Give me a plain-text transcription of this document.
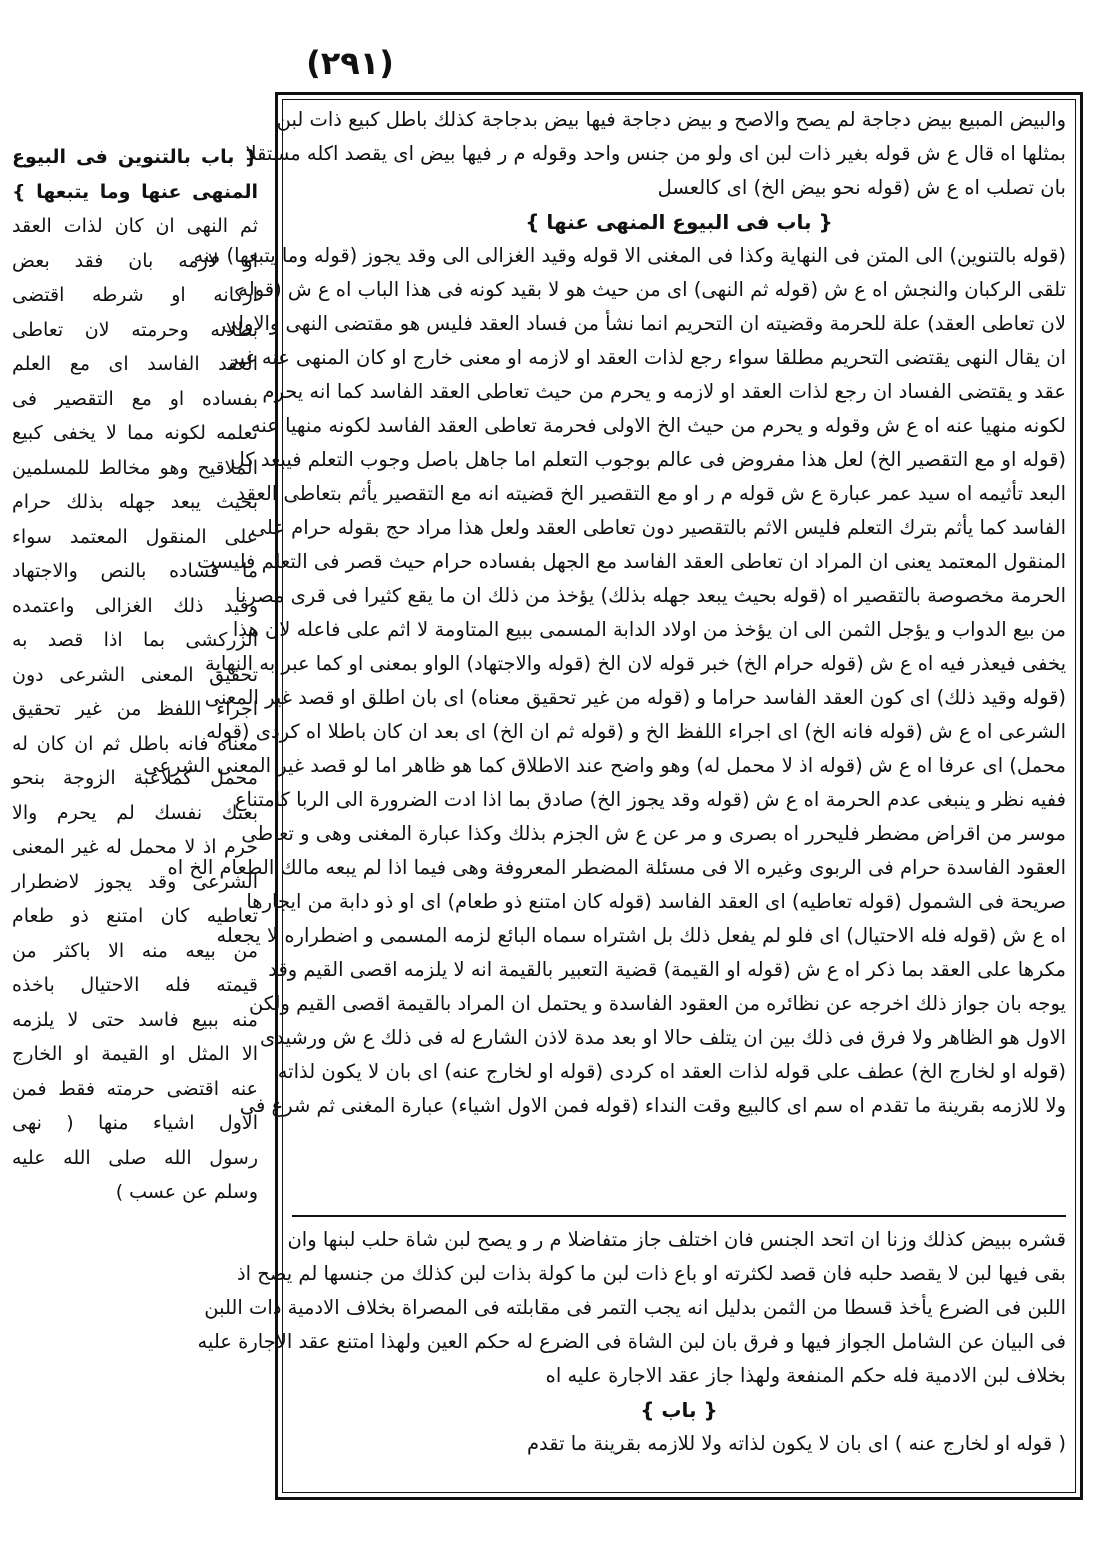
(٢٩١)
{ باب بالتنوين فى البيوع
المنهى عنها وما يتبعها }
ثم النهى ان كان لذات العقد
او لازمه بان فقد بعض
اركانه او شرطه اقتضى
بطلانه وحرمته لان تعاطى
العقد الفاسد اى مع العلم
بفساده او مع التقصير فى
تعلمه لكونه مما لا يخفى كبيع
الملاقيح وهو مخالط للمسلمين
بحيث يبعد جهله بذلك حرام
على المنقول المعتمد سواء
ما فساده بالنص والاجتهاد
وقيد ذلك الغزالى واعتمده
الزركشى بما اذا قصد به
تحقيق المعنى الشرعى دون
اجراء اللفظ من غير تحقيق
معناه فانه باطل ثم ان كان له
محمل كملاعبة الزوجة بنحو
بعتك نفسك لم يحرم والا
حرم اذ لا محمل له غير المعنى
الشرعى وقد يجوز لاضطرار
تعاطيه كان امتنع ذو طعام
من بيعه منه الا باكثر من
قيمته فله الاحتيال باخذه
منه ببيع فاسد حتى لا يلزمه
الا المثل او القيمة او الخارج
عنه اقتضى حرمته فقط فمن
الاول اشياء منها ( نهى
رسول الله صلى الله عليه
وسلم عن عسب )
والبيض المبيع بيض دجاجة لم يصح والاصح و بيض دجاجة فيها بيض بدجاجة كذلك باطل كبيع ذات لبن
بمثلها اه قال ع ش قوله بغير ذات لبن اى ولو من جنس واحد وقوله م ر فيها بيض اى يقصد اكله مستقلا
بان تصلب اه ع ش (قوله نحو بيض الخ) اى كالعسل
{ باب فى البيوع المنهى عنها }
(قوله بالتنوين) الى المتن فى النهاية وكذا فى المغنى الا قوله وقيد الغزالى الى وقد يجوز (قوله وما يتبعها) منه
تلقى الركبان والنجش اه ع ش (قوله ثم النهى) اى من حيث هو لا بقيد كونه فى هذا الباب اه ع ش (قوله
لان تعاطى العقد) علة للحرمة وقضيته ان التحريم انما نشأ من فساد العقد فليس هو مقتضى النهى والاولى
ان يقال النهى يقتضى التحريم مطلقا سواء رجع لذات العقد او لازمه او معنى خارج او كان المنهى عنه غير
عقد و يقتضى الفساد ان رجع لذات العقد او لازمه و يحرم من حيث تعاطى العقد الفاسد كما انه يحرم
لكونه منهيا عنه اه ع ش وقوله و يحرم من حيث الخ الاولى فحرمة تعاطى العقد الفاسد لكونه منهيا عنه
(قوله او مع التقصير الخ) لعل هذا مفروض فى عالم بوجوب التعلم اما جاهل باصل وجوب التعلم فيبعد كل
البعد تأثيمه اه سيد عمر عبارة ع ش قوله م ر او مع التقصير الخ قضيته انه مع التقصير يأثم بتعاطى العقد
الفاسد كما يأثم بترك التعلم فليس الاثم بالتقصير دون تعاطى العقد ولعل هذا مراد حج بقوله حرام على
المنقول المعتمد يعنى ان المراد ان تعاطى العقد الفاسد مع الجهل بفساده حرام حيث قصر فى التعلم فليست
الحرمة مخصوصة بالتقصير اه (قوله بحيث يبعد جهله بذلك) يؤخذ من ذلك ان ما يقع كثيرا فى قرى مصرنا
من بيع الدواب و يؤجل الثمن الى ان يؤخذ من اولاد الدابة المسمى ببيع المتاومة لا اثم على فاعله لان هذا
يخفى فيعذر فيه اه ع ش (قوله حرام الخ) خبر قوله لان الخ (قوله والاجتهاد) الواو بمعنى او كما عبر به النهاية
(قوله وقيد ذلك) اى كون العقد الفاسد حراما و (قوله من غير تحقيق معناه) اى بان اطلق او قصد غير المعنى
الشرعى اه ع ش (قوله فانه الخ) اى اجراء اللفظ الخ و (قوله ثم ان الخ) اى بعد ان كان باطلا اه كردى (قوله
محمل) اى عرفا اه ع ش (قوله اذ لا محمل له) وهو واضح عند الاطلاق كما هو ظاهر اما لو قصد غير المعنى الشرعى
ففيه نظر و ينبغى عدم الحرمة اه ع ش (قوله وقد يجوز الخ) صادق بما اذا ادت الضرورة الى الربا كامتناع
موسر من اقراض مضطر فليحرر اه بصرى و مر عن ع ش الجزم بذلك وكذا عبارة المغنى وهى و تعاطى
العقود الفاسدة حرام فى الربوى وغيره الا فى مسئلة المضطر المعروفة وهى فيما اذا لم يبعه مالك الطعام الخ اه
صريحة فى الشمول (قوله تعاطيه) اى العقد الفاسد (قوله كان امتنع ذو طعام) اى او ذو دابة من ايجارها
اه ع ش (قوله فله الاحتيال) اى فلو لم يفعل ذلك بل اشتراه سماه البائع لزمه المسمى و اضطراره لا يجعله
مكرها على العقد بما ذكر اه ع ش (قوله او القيمة) قضية التعبير بالقيمة انه لا يلزمه اقصى القيم وقد
يوجه بان جواز ذلك اخرجه عن نظائره من العقود الفاسدة و يحتمل ان المراد بالقيمة اقصى القيم ولكن
الاول هو الظاهر ولا فرق فى ذلك بين ان يتلف حالا او بعد مدة لاذن الشارع له فى ذلك ع ش ورشيدى
(قوله او لخارج الخ) عطف على قوله لذات العقد اه كردى (قوله او لخارج عنه) اى بان لا يكون لذاته
ولا للازمه بقرينة ما تقدم اه سم اى كالبيع وقت النداء (قوله فمن الاول اشياء) عبارة المغنى ثم شرع فى
قشره ببيض كذلك وزنا ان اتحد الجنس فان اختلف جاز متفاضلا م ر و يصح لبن شاة حلب لبنها وان
بقى فيها لبن لا يقصد حلبه فان قصد لكثرته او باع ذات لبن ما كولة بذات لبن كذلك من جنسها لم يصح اذ
اللبن فى الضرع يأخذ قسطا من الثمن بدليل انه يجب التمر فى مقابلته فى المصراة بخلاف الادمية ذات اللبن
فى البيان عن الشامل الجواز فيها و فرق بان لبن الشاة فى الضرع له حكم العين ولهذا امتنع عقد الاجارة عليه
بخلاف لبن الادمية فله حكم المنفعة ولهذا جاز عقد الاجارة عليه اه
{ باب }
( قوله او لخارج عنه ) اى بان لا يكون لذاته ولا للازمه بقرينة ما تقدم
